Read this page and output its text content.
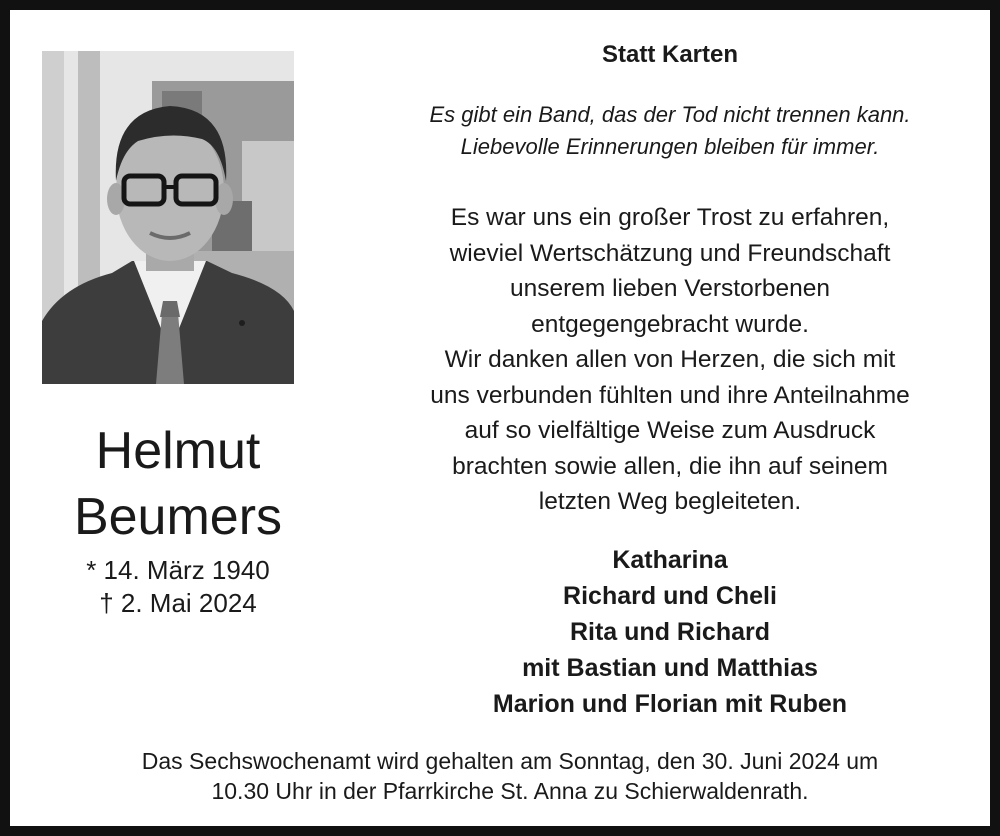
Helmut
Beumers
* 14. März 1940
† 2. Mai 2024
Statt Karten
Es gibt ein Band, das der Tod nicht trennen kann.
Liebevolle Erinnerungen bleiben für immer.
Es war uns ein großer Trost zu erfahren,
wieviel Wertschätzung und Freundschaft
unserem lieben Verstorbenen
entgegengebracht wurde.
Wir danken allen von Herzen, die sich mit
uns verbunden fühlten und ihre Anteilnahme
auf so vielfältige Weise zum Ausdruck
brachten sowie allen, die ihn auf seinem
letzten Weg begleiteten.
Katharina
Richard und Cheli
Rita und Richard
mit Bastian und Matthias
Marion und Florian mit Ruben
Das Sechswochenamt wird gehalten am Sonntag, den 30. Juni 2024 um
10.30 Uhr in der Pfarrkirche St. Anna zu Schierwaldenrath.
